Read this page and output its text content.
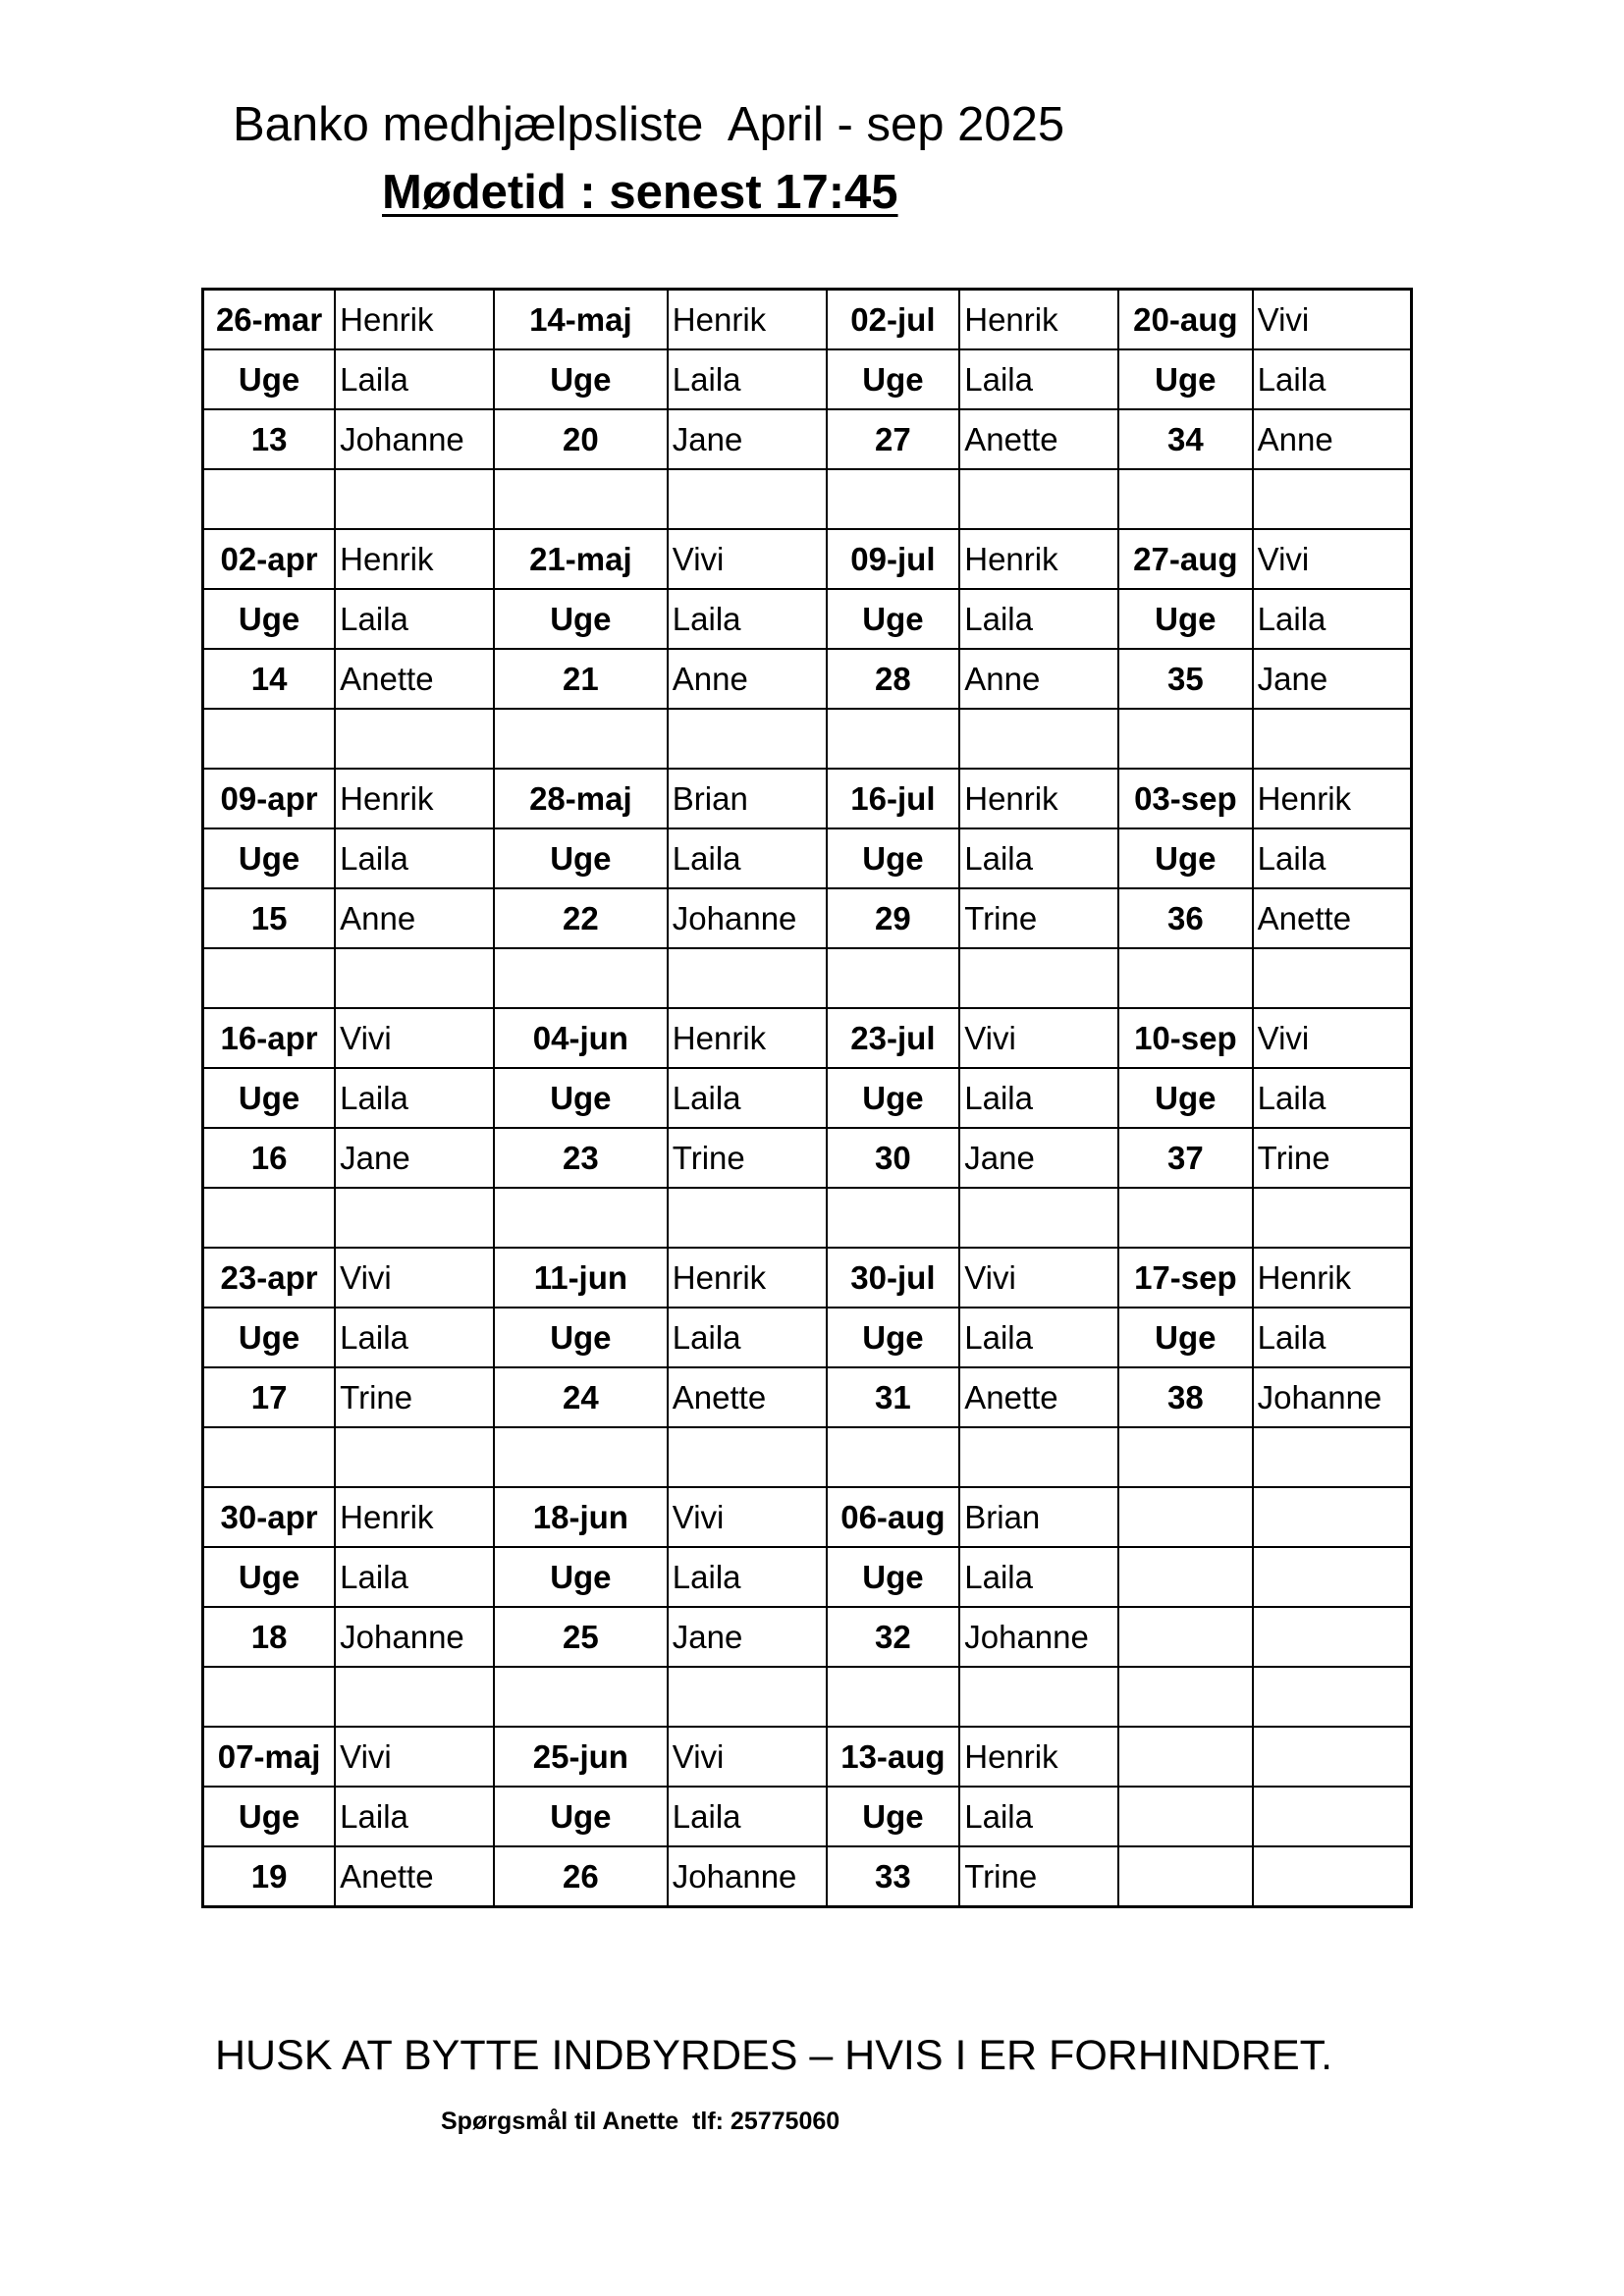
Banko medhjælpsliste  April - sep 2025
Mødetid : senest 17:45
26-mar	Henrik	14-maj	Henrik	02-jul	Henrik	20-aug	Vivi
Uge	Laila	Uge	Laila	Uge	Laila	Uge	Laila
13	Johanne	20	Jane	27	Anette	34	Anne

02-apr	Henrik	21-maj	Vivi	09-jul	Henrik	27-aug	Vivi
Uge	Laila	Uge	Laila	Uge	Laila	Uge	Laila
14	Anette	21	Anne	28	Anne	35	Jane

09-apr	Henrik	28-maj	Brian	16-jul	Henrik	03-sep	Henrik
Uge	Laila	Uge	Laila	Uge	Laila	Uge	Laila
15	Anne	22	Johanne	29	Trine	36	Anette

16-apr	Vivi	04-jun	Henrik	23-jul	Vivi	10-sep	Vivi
Uge	Laila	Uge	Laila	Uge	Laila	Uge	Laila
16	Jane	23	Trine	30	Jane	37	Trine

23-apr	Vivi	11-jun	Henrik	30-jul	Vivi	17-sep	Henrik
Uge	Laila	Uge	Laila	Uge	Laila	Uge	Laila
17	Trine	24	Anette	31	Anette	38	Johanne

30-apr	Henrik	18-jun	Vivi	06-aug	Brian		
Uge	Laila	Uge	Laila	Uge	Laila		
18	Johanne	25	Jane	32	Johanne		

07-maj	Vivi	25-jun	Vivi	13-aug	Henrik		
Uge	Laila	Uge	Laila	Uge	Laila		
19	Anette	26	Johanne	33	Trine		
HUSK AT BYTTE INDBYRDES – HVIS I ER FORHINDRET.
Spørgsmål til Anette  tlf: 25775060
